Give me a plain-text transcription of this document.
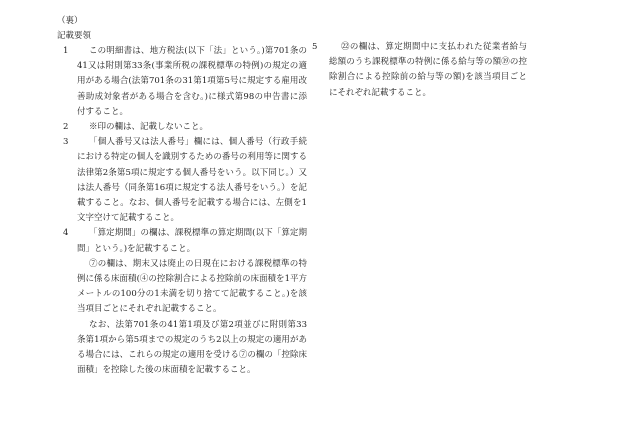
（裏）
記載要領
1	この明細書は、地方税法(以下「法」という。)第701条の41又は附則第33条(事業所税の課税標準の特例)の規定の適用がある場合(法第701条の31第1項第5号に規定する雇用改善助成対象者がある場合を含む。)に様式第98の申告書に添付すること。
2	※印の欄は、記載しないこと。
3	「個人番号又は法人番号」欄には、個人番号（行政手続における特定の個人を識別するための番号の利用等に関する法律第2条第5項に規定する個人番号をいう。以下同じ。）又は法人番号（同条第16項に規定する法人番号をいう。）を記載すること。なお、個人番号を記載する場合には、左側を1文字空けて記載すること。
4	「算定期間」の欄は、課税標準の算定期間(以下「算定期間」という。)を記載すること。
⑦の欄は、期末又は廃止の日現在における課税標準の特例に係る床面積(④の控除割合による控除前の床面積を1平方メートルの100分の1未満を切り捨てて記載すること。)を該当項目ごとにそれぞれ記載すること。
なお、法第701条の41第1項及び第2項並びに附則第33条第1項から第5項までの規定のうち2以上の規定の適用がある場合には、これらの規定の適用を受ける⑦の欄の「控除床面積」を控除した後の床面積を記載すること。
5	㉒の欄は、算定期間中に支払われた従業者給与総額のうち課税標準の特例に係る給与等の額⑲の控除割合による控除前の給与等の額)を該当項目ごとにそれぞれ記載すること。
